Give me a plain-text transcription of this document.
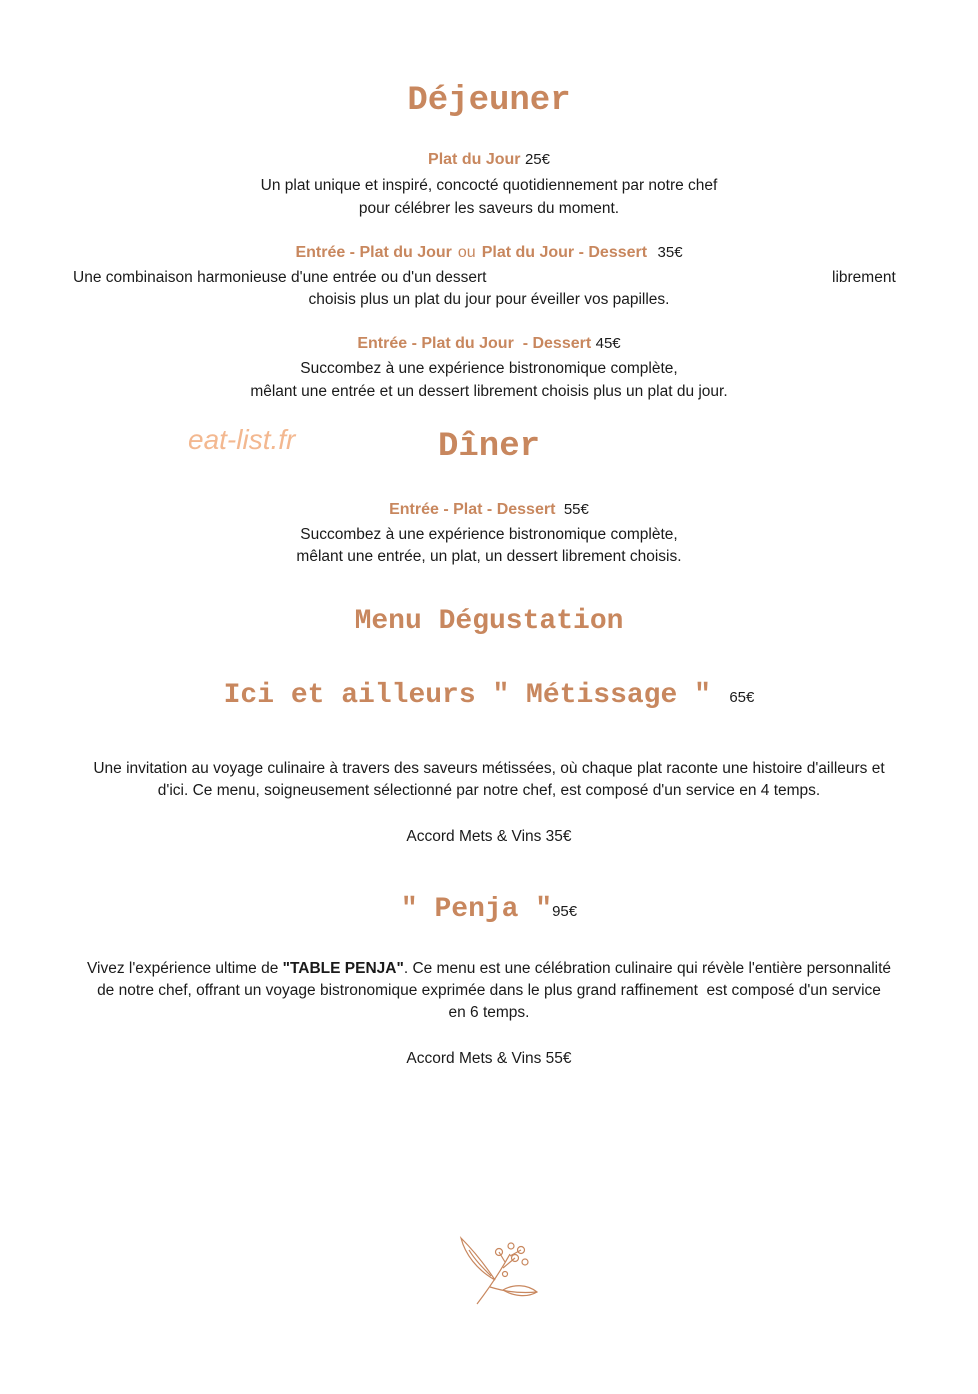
Déjeuner
Plat du Jour 25€
Un plat unique et inspiré, concocté quotidiennement par notre chef
pour célébrer les saveurs du moment.
Entrée - Plat du Jour ou Plat du Jour - Dessert 35€
Une combinaison harmonieuse d'une entrée ou d'un dessert	librement
choisis plus un plat du jour pour éveiller vos papilles.
Entrée - Plat du Jour  - Dessert 45€
Succombez à une expérience bistronomique complète,
mêlant une entrée et un dessert librement choisis plus un plat du jour.
eat-list.fr	Dîner
Entrée - Plat - Dessert 55€
Succombez à une expérience bistronomique complète,
mêlant une entrée, un plat, un dessert librement choisis.
Menu Dégustation
Ici et ailleurs " Métissage " 65€
Une invitation au voyage culinaire à travers des saveurs métissées, où chaque plat raconte une histoire d'ailleurs et
d'ici. Ce menu, soigneusement sélectionné par notre chef, est composé d'un service en 4 temps.
Accord Mets & Vins 35€
" Penja "95€
Vivez l'expérience ultime de "TABLE PENJA". Ce menu est une célébration culinaire qui révèle l'entière personnalité
de notre chef, offrant un voyage bistronomique exprimée dans le plus grand raffinement  est composé d'un service
en 6 temps.
Accord Mets & Vins 55€
